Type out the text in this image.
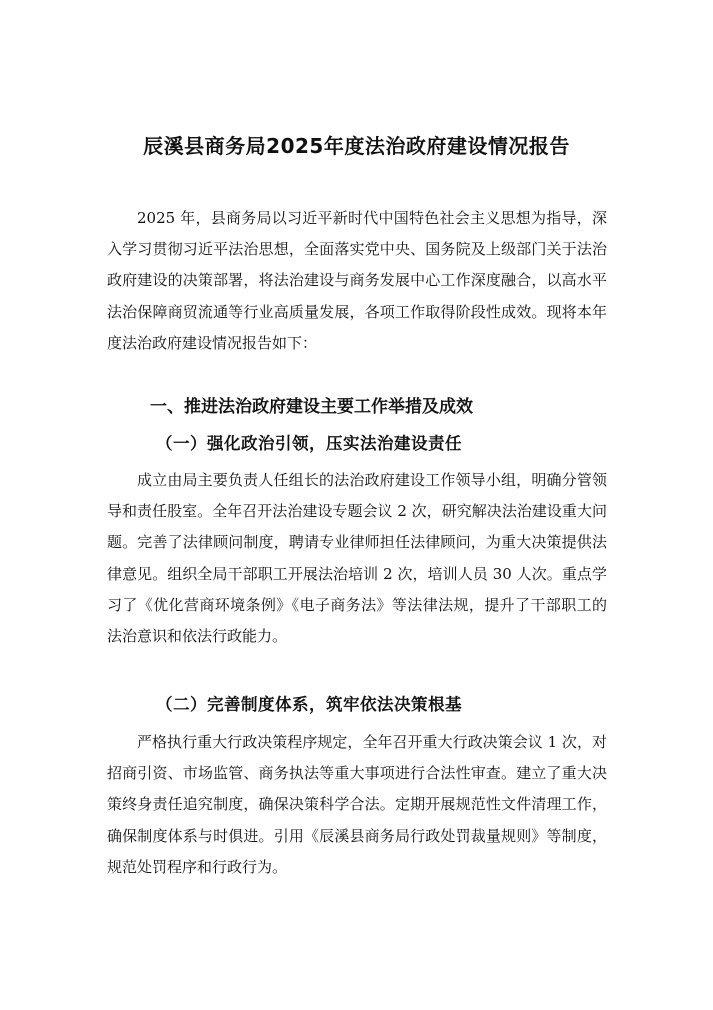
辰溪县商务局2025年度法治政府建设情况报告

2025 年，县商务局以习近平新时代中国特色社会主义思想为指导，深入学习贯彻习近平法治思想，全面落实党中央、国务院及上级部门关于法治政府建设的决策部署，将法治建设与商务发展中心工作深度融合，以高水平法治保障商贸流通等行业高质量发展，各项工作取得阶段性成效。现将本年度法治政府建设情况报告如下：

一、推进法治政府建设主要工作举措及成效
（一）强化政治引领，压实法治建设责任

成立由局主要负责人任组长的法治政府建设工作领导小组，明确分管领导和责任股室。全年召开法治建设专题会议 2 次，研究解决法治建设重大问题。完善了法律顾问制度，聘请专业律师担任法律顾问，为重大决策提供法律意见。组织全局干部职工开展法治培训 2 次，培训人员 30 人次。重点学习了《优化营商环境条例》《电子商务法》等法律法规，提升了干部职工的法治意识和依法行政能力。

（二）完善制度体系，筑牢依法决策根基

严格执行重大行政决策程序规定，全年召开重大行政决策会议 1 次，对招商引资、市场监管、商务执法等重大事项进行合法性审查。建立了重大决策终身责任追究制度，确保决策科学合法。定期开展规范性文件清理工作，确保制度体系与时俱进。引用《辰溪县商务局行政处罚裁量规则》等制度，规范处罚程序和行政行为。
